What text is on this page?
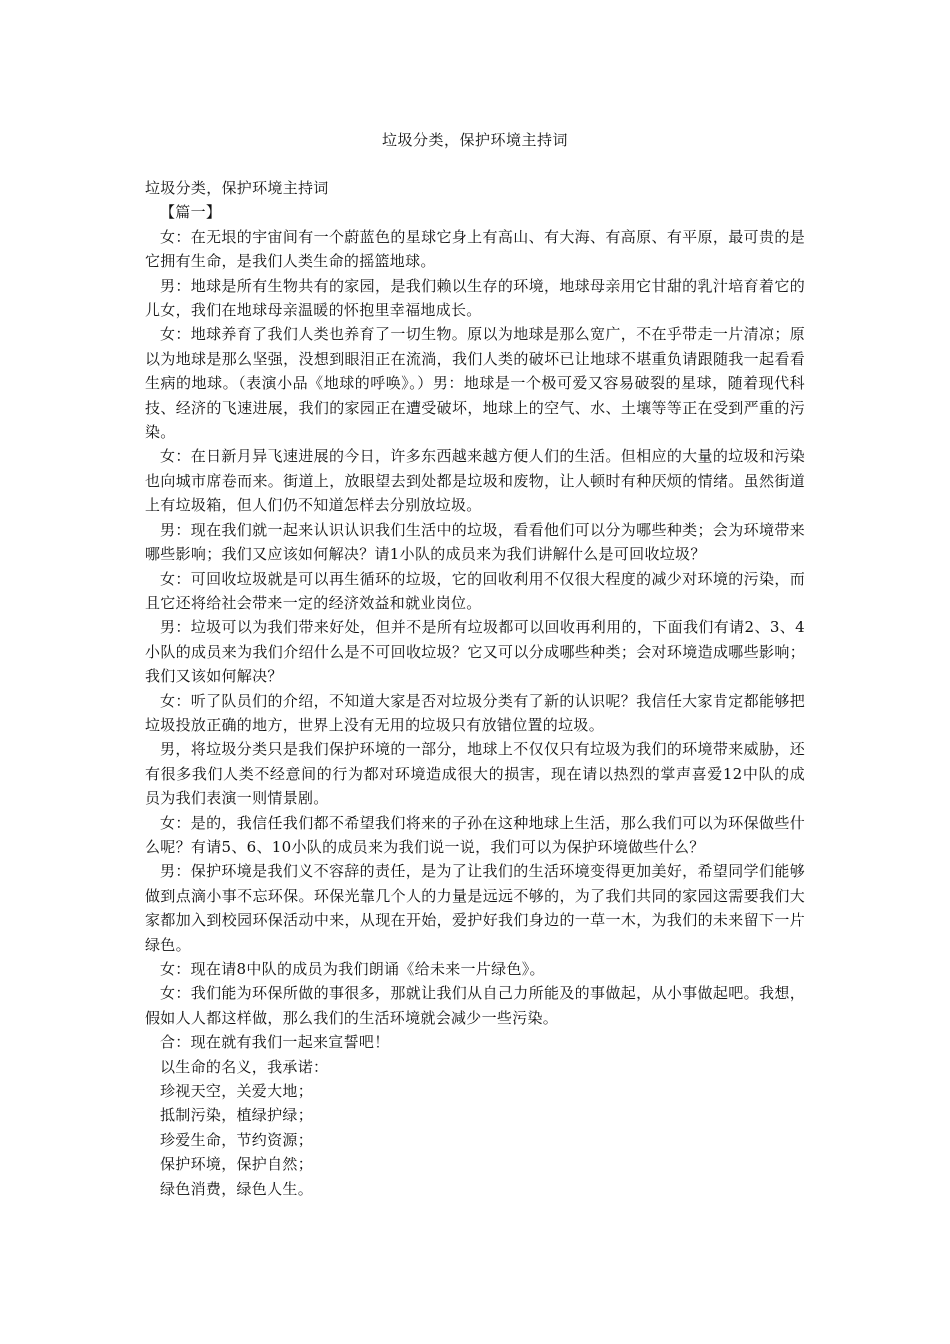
垃圾分类，保护环境主持词

垃圾分类，保护环境主持词

【篇一】

女：在无垠的宇宙间有一个蔚蓝色的星球它身上有高山、有大海、有高原、有平原，最可贵的是它拥有生命，是我们人类生命的摇篮地球。

男：地球是所有生物共有的家园，是我们赖以生存的环境，地球母亲用它甘甜的乳汁培育着它的儿女，我们在地球母亲温暖的怀抱里幸福地成长。

女：地球养育了我们人类也养育了一切生物。原以为地球是那么宽广，不在乎带走一片清凉；原以为地球是那么坚强，没想到眼泪正在流淌，我们人类的破坏已让地球不堪重负请跟随我一起看看生病的地球。（表演小品《地球的呼唤》。）男：地球是一个极可爱又容易破裂的星球，随着现代科技、经济的飞速进展，我们的家园正在遭受破坏，地球上的空气、水、土壤等等正在受到严重的污染。

女：在日新月异飞速进展的今日，许多东西越来越方便人们的生活。但相应的大量的垃圾和污染也向城市席卷而来。街道上，放眼望去到处都是垃圾和废物，让人顿时有种厌烦的情绪。虽然街道上有垃圾箱，但人们仍不知道怎样去分别放垃圾。

男：现在我们就一起来认识认识我们生活中的垃圾，看看他们可以分为哪些种类；会为环境带来哪些影响；我们又应该如何解决？请1小队的成员来为我们讲解什么是可回收垃圾？

女：可回收垃圾就是可以再生循环的垃圾，它的回收利用不仅很大程度的减少对环境的污染，而且它还将给社会带来一定的经济效益和就业岗位。

男：垃圾可以为我们带来好处，但并不是所有垃圾都可以回收再利用的，下面我们有请2、3、4小队的成员来为我们介绍什么是不可回收垃圾？它又可以分成哪些种类；会对环境造成哪些影响；我们又该如何解决？

女：听了队员们的介绍，不知道大家是否对垃圾分类有了新的认识呢？我信任大家肯定都能够把垃圾投放正确的地方，世界上没有无用的垃圾只有放错位置的垃圾。

男，将垃圾分类只是我们保护环境的一部分，地球上不仅仅只有垃圾为我们的环境带来威胁，还有很多我们人类不经意间的行为都对环境造成很大的损害，现在请以热烈的掌声喜爱12中队的成员为我们表演一则情景剧。

女：是的，我信任我们都不希望我们将来的子孙在这种地球上生活，那么我们可以为环保做些什么呢？有请5、6、10小队的成员来为我们说一说，我们可以为保护环境做些什么？

男：保护环境是我们义不容辞的责任，是为了让我们的生活环境变得更加美好，希望同学们能够做到点滴小事不忘环保。环保光靠几个人的力量是远远不够的，为了我们共同的家园这需要我们大家都加入到校园环保活动中来，从现在开始，爱护好我们身边的一草一木，为我们的未来留下一片绿色。

女：现在请8中队的成员为我们朗诵《给未来一片绿色》。

女：我们能为环保所做的事很多，那就让我们从自己力所能及的事做起，从小事做起吧。我想，假如人人都这样做，那么我们的生活环境就会减少一些污染。

合：现在就有我们一起来宣誓吧！

以生命的名义，我承诺：

珍视天空，关爱大地；

抵制污染，植绿护绿；

珍爱生命，节约资源；

保护环境，保护自然；

绿色消费，绿色人生。
